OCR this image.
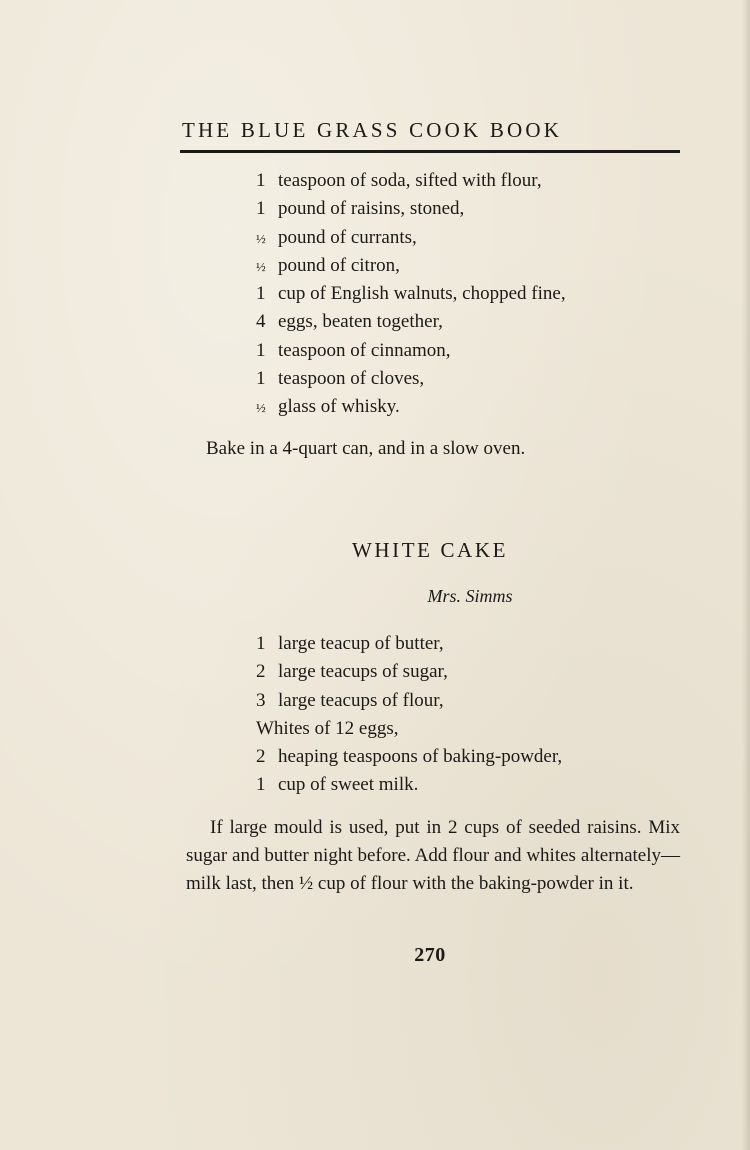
THE BLUE GRASS COOK BOOK
1 teaspoon of soda, sifted with flour,
1 pound of raisins, stoned,
½ pound of currants,
½ pound of citron,
1 cup of English walnuts, chopped fine,
4 eggs, beaten together,
1 teaspoon of cinnamon,
1 teaspoon of cloves,
½ glass of whisky.
Bake in a 4-quart can, and in a slow oven.
WHITE CAKE
Mrs. Simms
1 large teacup of butter,
2 large teacups of sugar,
3 large teacups of flour,
Whites of 12 eggs,
2 heaping teaspoons of baking-powder,
1 cup of sweet milk.

If large mould is used, put in 2 cups of seeded raisins. Mix sugar and butter night before. Add flour and whites alternately—milk last, then ½ cup of flour with the baking-powder in it.

270
